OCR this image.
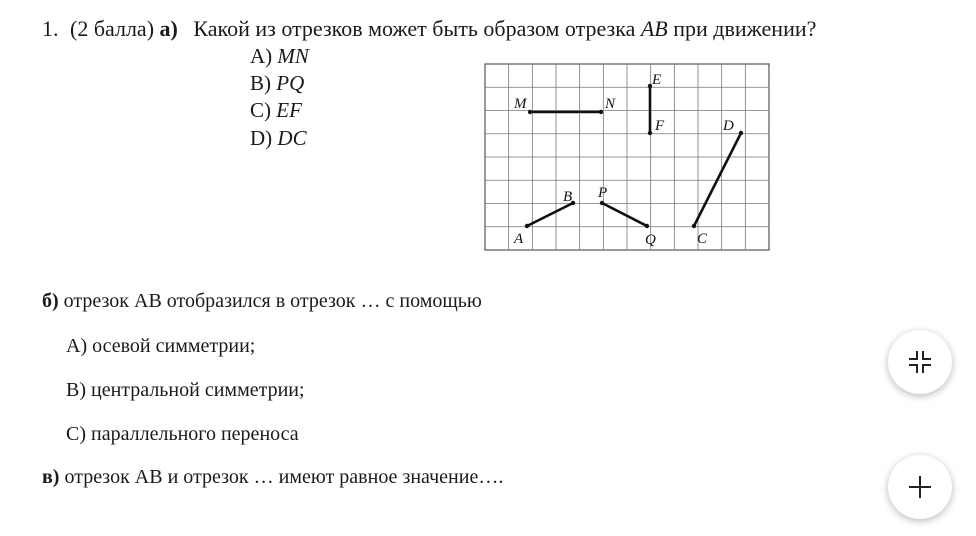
1. (2 балла) а) Какой из отрезков может быть образом отрезка AB при движении?
A) MN
B) PQ
C) EF
D) DC
M	N
E
F	D
B P
A	Q	C
б) отрезок АВ отобразился в отрезок … с помощью
А) осевой симметрии;
В) центральной симметрии;
С) параллельного переноса
в) отрезок АВ и отрезок … имеют равное значение….
